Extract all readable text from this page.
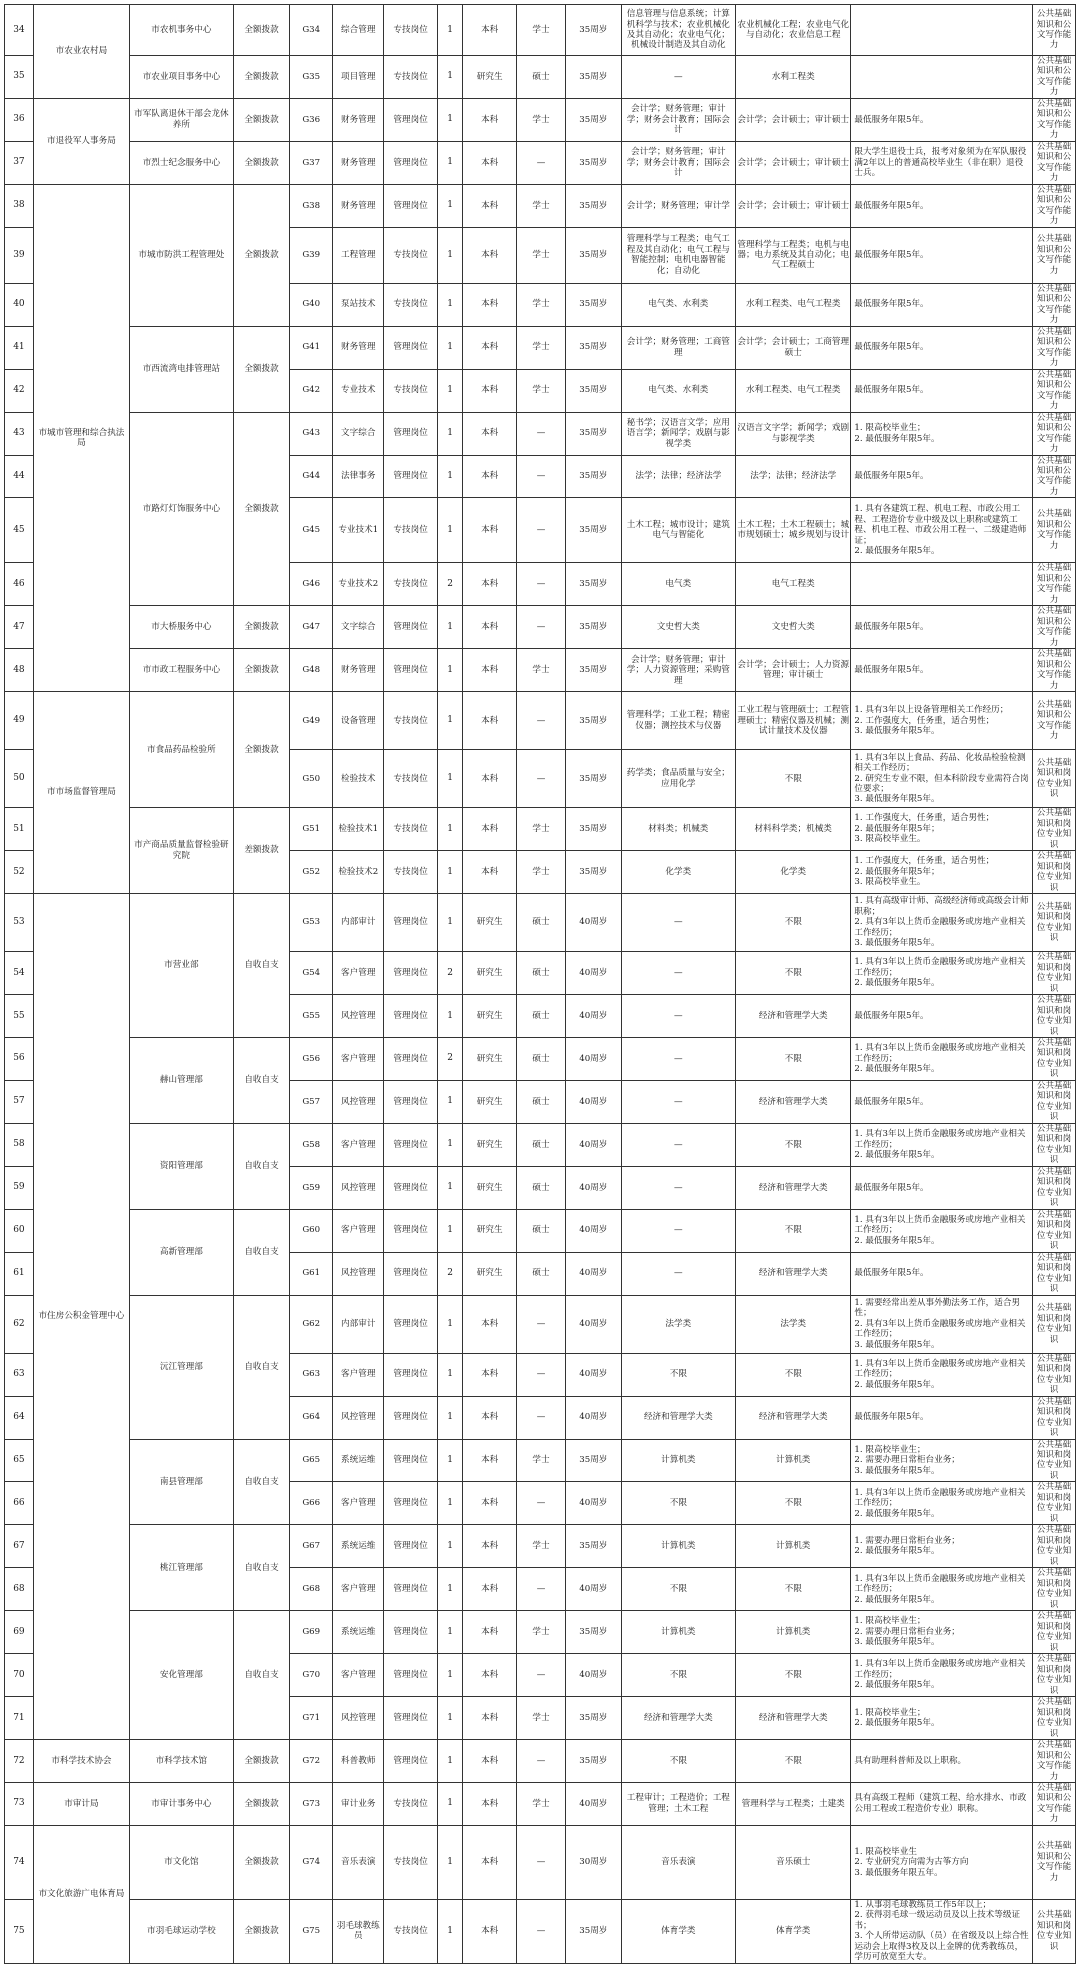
34	市农业农村局	市农机事务中心	全额拨款	G34	综合管理	专技岗位	1	本科	学士	35周岁	信息管理与信息系统；计算机科学与技术；农业机械化及其自动化；农业电气化；机械设计制造及其自动化	农业机械化工程；农业电气化与自动化；农业信息工程		公共基础知识和公文写作能力
35		市农业项目事务中心	全额拨款	G35	项目管理	专技岗位	1	研究生	硕士	35周岁	—	水利工程类		公共基础知识和公文写作能力
36	市退役军人事务局	市军队离退休干部会龙休养所	全额拨款	G36	财务管理	管理岗位	1	本科	学士	35周岁	会计学；财务管理；审计学；财务会计教育；国际会计	会计学；会计硕士；审计硕士	最低服务年限5年。	公共基础知识和公文写作能力
37		市烈士纪念服务中心	全额拨款	G37	财务管理	管理岗位	1	本科	—	35周岁	会计学；财务管理；审计学；财务会计教育；国际会计	会计学；会计硕士；审计硕士	限大学生退役士兵，报考对象须为在军队服役满2年以上的普通高校毕业生（非在职）退役士兵。	公共基础知识和公文写作能力
38	市城市管理和综合执法局	市城市防洪工程管理处	全额拨款	G38	财务管理	管理岗位	1	本科	学士	35周岁	会计学；财务管理；审计学	会计学；会计硕士；审计硕士	最低服务年限5年。	公共基础知识和公文写作能力
39				G39	工程管理	专技岗位	1	本科	学士	35周岁	管理科学与工程类；电气工程及其自动化；电气工程与智能控制；电机电器智能化；自动化	管理科学与工程类；电机与电器；电力系统及其自动化；电气工程硕士	最低服务年限5年。	公共基础知识和公文写作能力
40				G40	泵站技术	专技岗位	1	本科	学士	35周岁	电气类、水利类	水利工程类、电气工程类	最低服务年限5年。	公共基础知识和公文写作能力
41		市西流湾电排管理站	全额拨款	G41	财务管理	管理岗位	1	本科	学士	35周岁	会计学；财务管理；工商管理	会计学；会计硕士；工商管理硕士	最低服务年限5年。	公共基础知识和公文写作能力
42				G42	专业技术	专技岗位	1	本科	学士	35周岁	电气类、水利类	水利工程类、电气工程类	最低服务年限5年。	公共基础知识和公文写作能力
43		市路灯灯饰服务中心	全额拨款	G43	文字综合	管理岗位	1	本科	—	35周岁	秘书学；汉语言文学；应用语言学；新闻学；戏剧与影视学类	汉语言文字学；新闻学；戏剧与影视学类	1. 限高校毕业生；
2. 最低服务年限5年。	公共基础知识和公文写作能力
44				G44	法律事务	管理岗位	1	本科	—	35周岁	法学；法律；经济法学	法学；法律；经济法学	最低服务年限5年。	公共基础知识和公文写作能力
45				G45	专业技术1	专技岗位	1	本科	—	35周岁	土木工程；城市设计；建筑电气与智能化	土木工程；土木工程硕士；城市规划硕士；城乡规划与设计	1. 具有各建筑工程、机电工程、市政公用工程、工程造价专业中级及以上职称或建筑工程、机电工程、市政公用工程一、二级建造师证；
2. 最低服务年限5年。	公共基础知识和公文写作能力
46				G46	专业技术2	专技岗位	2	本科	—	35周岁	电气类	电气工程类		公共基础知识和公文写作能力
47		市大桥服务中心	全额拨款	G47	文字综合	管理岗位	1	本科	—	35周岁	文史哲大类	文史哲大类	最低服务年限5年。	公共基础知识和公文写作能力
48		市市政工程服务中心	全额拨款	G48	财务管理	管理岗位	1	本科	学士	35周岁	会计学；财务管理；审计学；人力资源管理；采购管理	会计学；会计硕士；人力资源管理；审计硕士	最低服务年限5年。	公共基础知识和公文写作能力
49	市市场监督管理局	市食品药品检验所	全额拨款	G49	设备管理	专技岗位	1	本科	—	35周岁	管理科学；工业工程；精密仪器；测控技术与仪器	工业工程与管理硕士；工程管理硕士；精密仪器及机械；测试计量技术及仪器	1. 具有3年以上设备管理相关工作经历；
2. 工作强度大，任务重，适合男性；
3. 最低服务年限5年。	公共基础知识和公文写作能力
50				G50	检验技术	专技岗位	1	本科	—	35周岁	药学类；食品质量与安全；应用化学	不限	1. 具有3年以上食品、药品、化妆品检验检测相关工作经历；
2. 研究生专业不限，但本科阶段专业需符合岗位要求；
3. 最低服务年限5年。	公共基础知识和岗位专业知识
51		市产商品质量监督检验研究院	差额拨款	G51	检验技术1	专技岗位	1	本科	学士	35周岁	材料类；机械类	材料科学类；机械类	1. 工作强度大，任务重，适合男性；
2. 最低服务年限5年；
3. 限高校毕业生。	公共基础知识和岗位专业知识
52				G52	检验技术2	专技岗位	1	本科	学士	35周岁	化学类	化学类	1. 工作强度大，任务重，适合男性；
2. 最低服务年限5年；
3. 限高校毕业生。	公共基础知识和岗位专业知识
53	市住房公积金管理中心	市营业部	自收自支	G53	内部审计	管理岗位	1	研究生	硕士	40周岁	—	不限	1. 具有高级审计师、高级经济师或高级会计师职称；
2. 具有3年以上货币金融服务或房地产业相关工作经历；
3. 最低服务年限5年。	公共基础知识和岗位专业知识
54				G54	客户管理	管理岗位	2	研究生	硕士	40周岁	—	不限	1. 具有3年以上货币金融服务或房地产业相关工作经历；
2. 最低服务年限5年。	公共基础知识和岗位专业知识
55				G55	风控管理	管理岗位	1	研究生	硕士	40周岁	—	经济和管理学大类	最低服务年限5年。	公共基础知识和岗位专业知识
56		赫山管理部	自收自支	G56	客户管理	管理岗位	2	研究生	硕士	40周岁	—	不限	1. 具有3年以上货币金融服务或房地产业相关工作经历；
2. 最低服务年限5年。	公共基础知识和岗位专业知识
57				G57	风控管理	管理岗位	1	研究生	硕士	40周岁	—	经济和管理学大类	最低服务年限5年。	公共基础知识和岗位专业知识
58		资阳管理部	自收自支	G58	客户管理	管理岗位	1	研究生	硕士	40周岁	—	不限	1. 具有3年以上货币金融服务或房地产业相关工作经历；
2. 最低服务年限5年。	公共基础知识和岗位专业知识
59				G59	风控管理	管理岗位	1	研究生	硕士	40周岁	—	经济和管理学大类	最低服务年限5年。	公共基础知识和岗位专业知识
60		高新管理部	自收自支	G60	客户管理	管理岗位	1	研究生	硕士	40周岁	—	不限	1. 具有3年以上货币金融服务或房地产业相关工作经历；
2. 最低服务年限5年。	公共基础知识和岗位专业知识
61				G61	风控管理	管理岗位	2	研究生	硕士	40周岁	—	经济和管理学大类	最低服务年限5年。	公共基础知识和岗位专业知识
62		沅江管理部	自收自支	G62	内部审计	管理岗位	1	本科	—	40周岁	法学类	法学类	1. 需要经常出差从事外勤法务工作，适合男性；
2. 具有3年以上货币金融服务或房地产业相关工作经历；
3. 最低服务年限5年。	公共基础知识和岗位专业知识
63				G63	客户管理	管理岗位	1	本科	—	40周岁	不限	不限	1. 具有3年以上货币金融服务或房地产业相关工作经历；
2. 最低服务年限5年。	公共基础知识和岗位专业知识
64				G64	风控管理	管理岗位	1	本科	—	40周岁	经济和管理学大类	经济和管理学大类	最低服务年限5年。	公共基础知识和岗位专业知识
65		南县管理部	自收自支	G65	系统运维	管理岗位	1	本科	学士	35周岁	计算机类	计算机类	1. 限高校毕业生；
2. 需要办理日常柜台业务；
3. 最低服务年限5年。	公共基础知识和岗位专业知识
66				G66	客户管理	管理岗位	1	本科	—	40周岁	不限	不限	1. 具有3年以上货币金融服务或房地产业相关工作经历；
2. 最低服务年限5年。	公共基础知识和岗位专业知识
67		桃江管理部	自收自支	G67	系统运维	管理岗位	1	本科	学士	35周岁	计算机类	计算机类	1. 需要办理日常柜台业务；
2. 最低服务年限5年。	公共基础知识和岗位专业知识
68				G68	客户管理	管理岗位	1	本科	—	40周岁	不限	不限	1. 具有3年以上货币金融服务或房地产业相关工作经历；
2. 最低服务年限5年。	公共基础知识和岗位专业知识
69		安化管理部	自收自支	G69	系统运维	管理岗位	1	本科	学士	35周岁	计算机类	计算机类	1. 限高校毕业生；
2. 需要办理日常柜台业务；
3. 最低服务年限5年。	公共基础知识和岗位专业知识
70				G70	客户管理	管理岗位	1	本科	—	40周岁	不限	不限	1. 具有3年以上货币金融服务或房地产业相关工作经历；
2. 最低服务年限5年。	公共基础知识和岗位专业知识
71				G71	风控管理	管理岗位	1	本科	学士	35周岁	经济和管理学大类	经济和管理学大类	1. 限高校毕业生；
2. 最低服务年限5年。	公共基础知识和岗位专业知识
72	市科学技术协会	市科学技术馆	全额拨款	G72	科普教师	管理岗位	1	本科	—	35周岁	不限	不限	具有助理科普师及以上职称。	公共基础知识和公文写作能力
73	市审计局	市审计事务中心	全额拨款	G73	审计业务	专技岗位	1	本科	学士	40周岁	工程审计；工程造价；工程管理；土木工程	管理科学与工程类；土建类	具有高级工程师（建筑工程、给水排水、市政公用工程或工程造价专业）职称。	公共基础知识和公文写作能力
74	市文化旅游广电体育局	市文化馆	全额拨款	G74	音乐表演	专技岗位	1	本科	—	30周岁	音乐表演	音乐硕士	1. 限高校毕业生
2. 专业研究方向需为古筝方向
3. 最低服务年限五年。	公共基础知识和公文写作能力
75		市羽毛球运动学校	全额拨款	G75	羽毛球教练员	专技岗位	1	本科	—	35周岁	体育学类	体育学类	1. 从事羽毛球教练员工作5年以上；
2. 获得羽毛球一级运动员及以上技术等级证书；
3. 个人所带运动队（员）在省级及以上综合性运动会上取得3枚及以上金牌的优秀教练员，学历可放宽至大专。	公共基础知识和岗位专业知识
